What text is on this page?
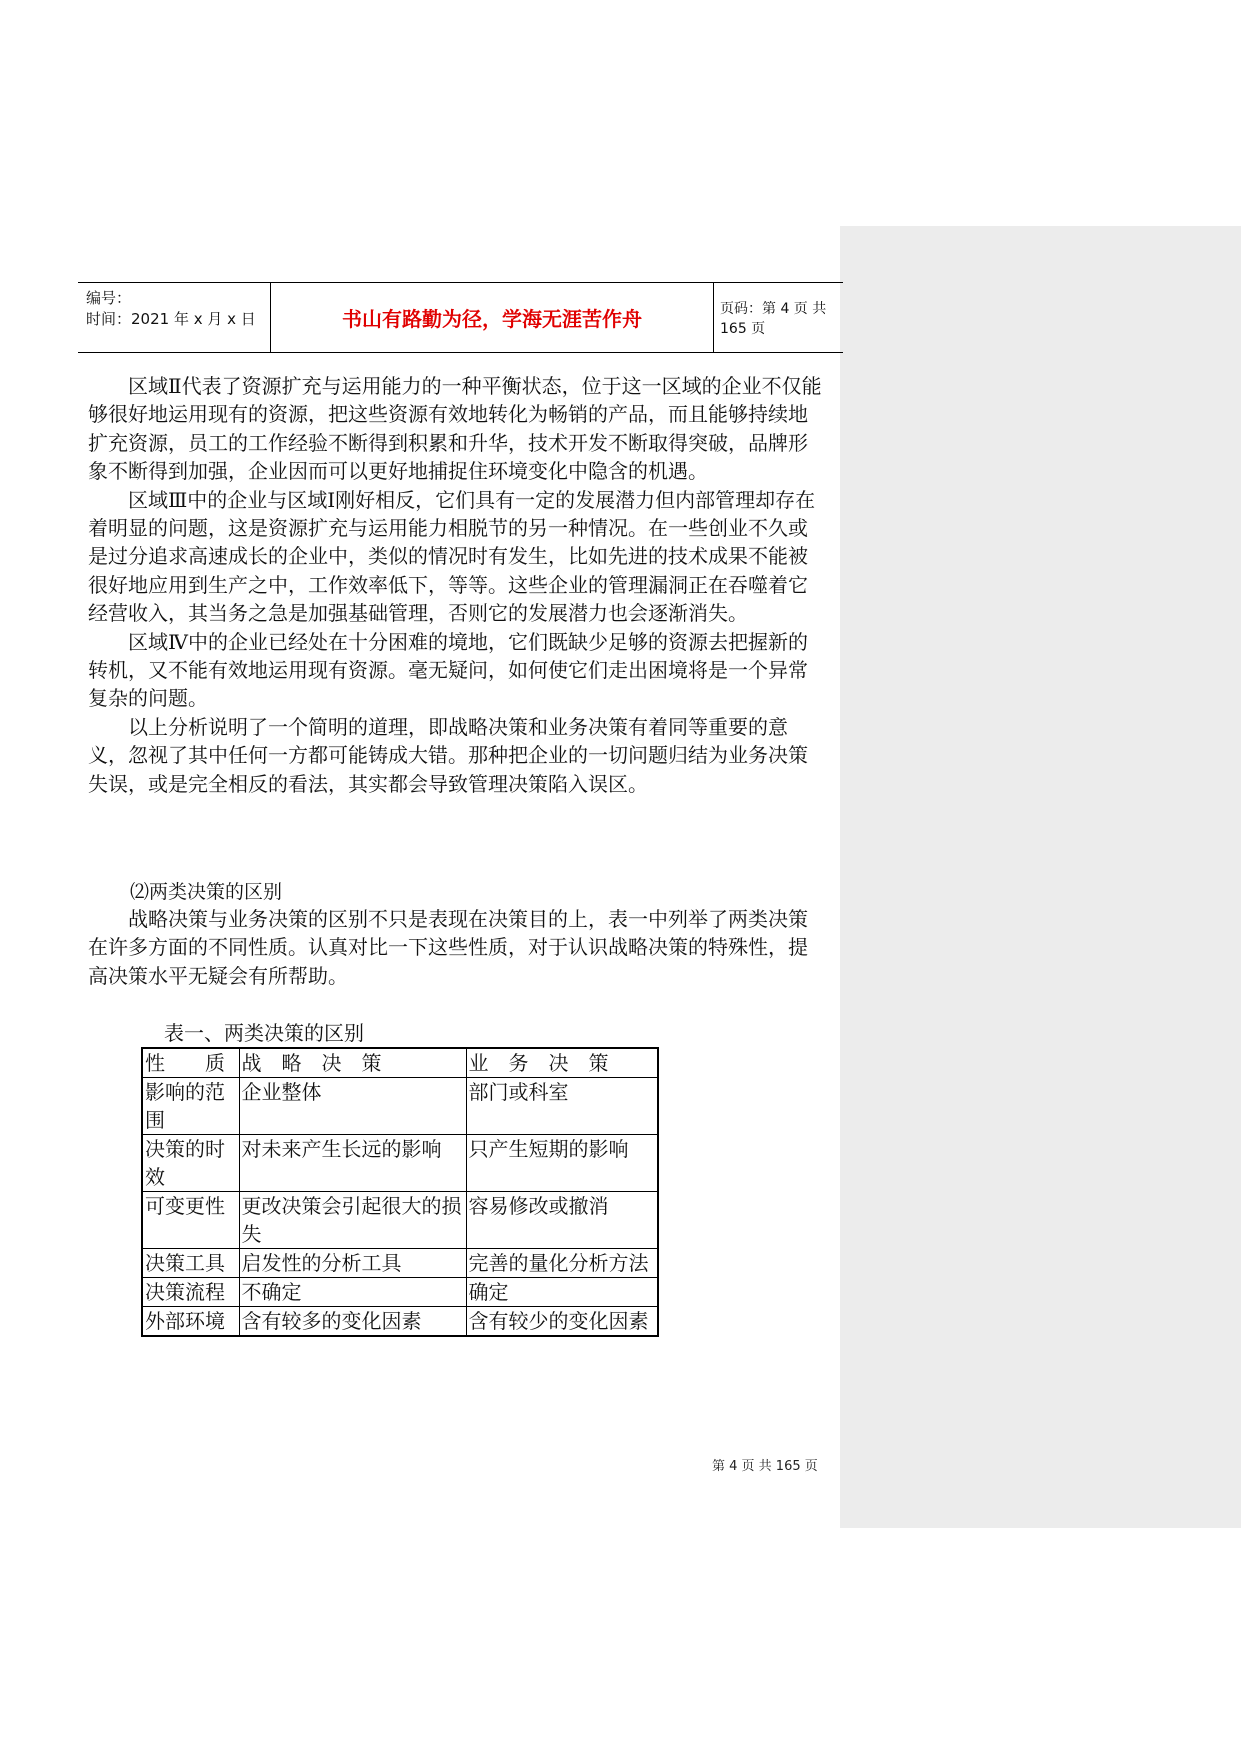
编号：
时间：2021 年 x 月 x 日	书山有路勤为径，学海无涯苦作舟	页码：第 4 页 共 165 页

区域Ⅱ代表了资源扩充与运用能力的一种平衡状态，位于这一区域的企业不仅能够很好地运用现有的资源，把这些资源有效地转化为畅销的产品，而且能够持续地扩充资源，员工的工作经验不断得到积累和升华，技术开发不断取得突破，品牌形象不断得到加强，企业因而可以更好地捕捉住环境变化中隐含的机遇。

区域Ⅲ中的企业与区域Ⅰ刚好相反，它们具有一定的发展潜力但内部管理却存在着明显的问题，这是资源扩充与运用能力相脱节的另一种情况。在一些创业不久或是过分追求高速成长的企业中，类似的情况时有发生，比如先进的技术成果不能被很好地应用到生产之中，工作效率低下，等等。这些企业的管理漏洞正在吞噬着它经营收入，其当务之急是加强基础管理，否则它的发展潜力也会逐渐消失。

区域Ⅳ中的企业已经处在十分困难的境地，它们既缺少足够的资源去把握新的转机，又不能有效地运用现有资源。毫无疑问，如何使它们走出困境将是一个异常复杂的问题。

以上分析说明了一个简明的道理，即战略决策和业务决策有着同等重要的意义，忽视了其中任何一方都可能铸成大错。那种把企业的一切问题归结为业务决策失误，或是完全相反的看法，其实都会导致管理决策陷入误区。

⑵两类决策的区别

战略决策与业务决策的区别不只是表现在决策目的上，表一中列举了两类决策在许多方面的不同性质。认真对比一下这些性质，对于认识战略决策的特殊性，提高决策水平无疑会有所帮助。

表一、两类决策的区别
性　　质	战　略　决　策	业　务　决　策
影响的范围	企业整体	部门或科室
决策的时效	对未来产生长远的影响	只产生短期的影响
可变更性	更改决策会引起很大的损失	容易修改或撤消
决策工具	启发性的分析工具	完善的量化分析方法
决策流程	不确定	确定
外部环境	含有较多的变化因素	含有较少的变化因素
第 4 页 共 165 页
